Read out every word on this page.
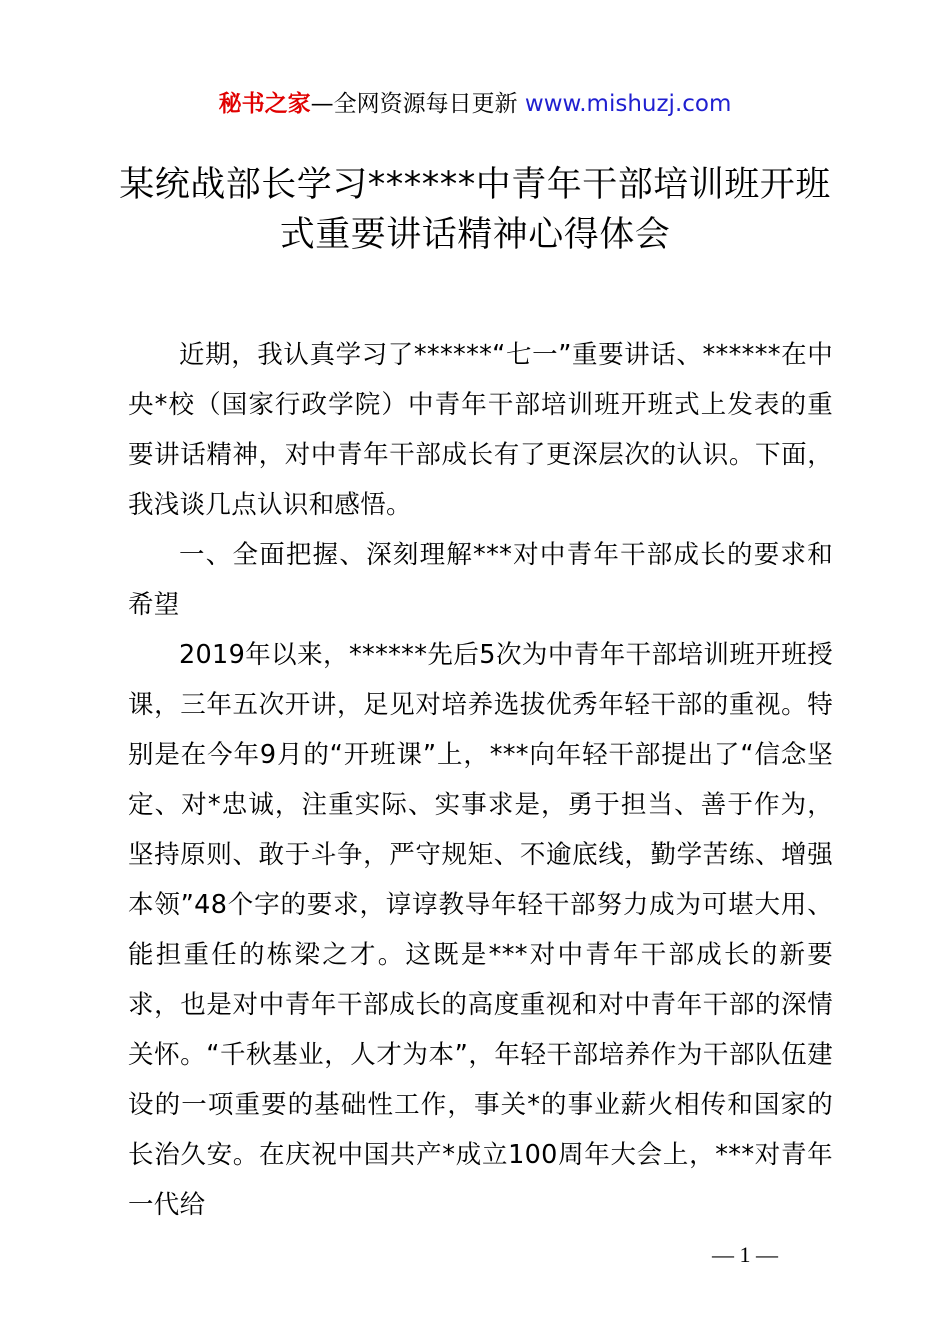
秘书之家—全网资源每日更新 www.mishuzj.com
某统战部长学习******中青年干部培训班开班
式重要讲话精神心得体会

近期，我认真学习了******“七一”重要讲话、******在中央*校（国家行政学院）中青年干部培训班开班式上发表的重要讲话精神，对中青年干部成长有了更深层次的认识。下面，我浅谈几点认识和感悟。

一、全面把握、深刻理解***对中青年干部成长的要求和希望

2019年以来，******先后5次为中青年干部培训班开班授课，三年五次开讲，足见对培养选拔优秀年轻干部的重视。特别是在今年9月的“开班课”上，***向年轻干部提出了“信念坚定、对*忠诚，注重实际、实事求是，勇于担当、善于作为，坚持原则、敢于斗争，严守规矩、不逾底线，勤学苦练、增强本领”48个字的要求，谆谆教导年轻干部努力成为可堪大用、能担重任的栋梁之才。这既是***对中青年干部成长的新要求，也是对中青年干部成长的高度重视和对中青年干部的深情关怀。“千秋基业，人才为本”，年轻干部培养作为干部队伍建设的一项重要的基础性工作，事关*的事业薪火相传和国家的长治久安。在庆祝中国共产*成立100周年大会上，***对青年一代给

— 1 —
